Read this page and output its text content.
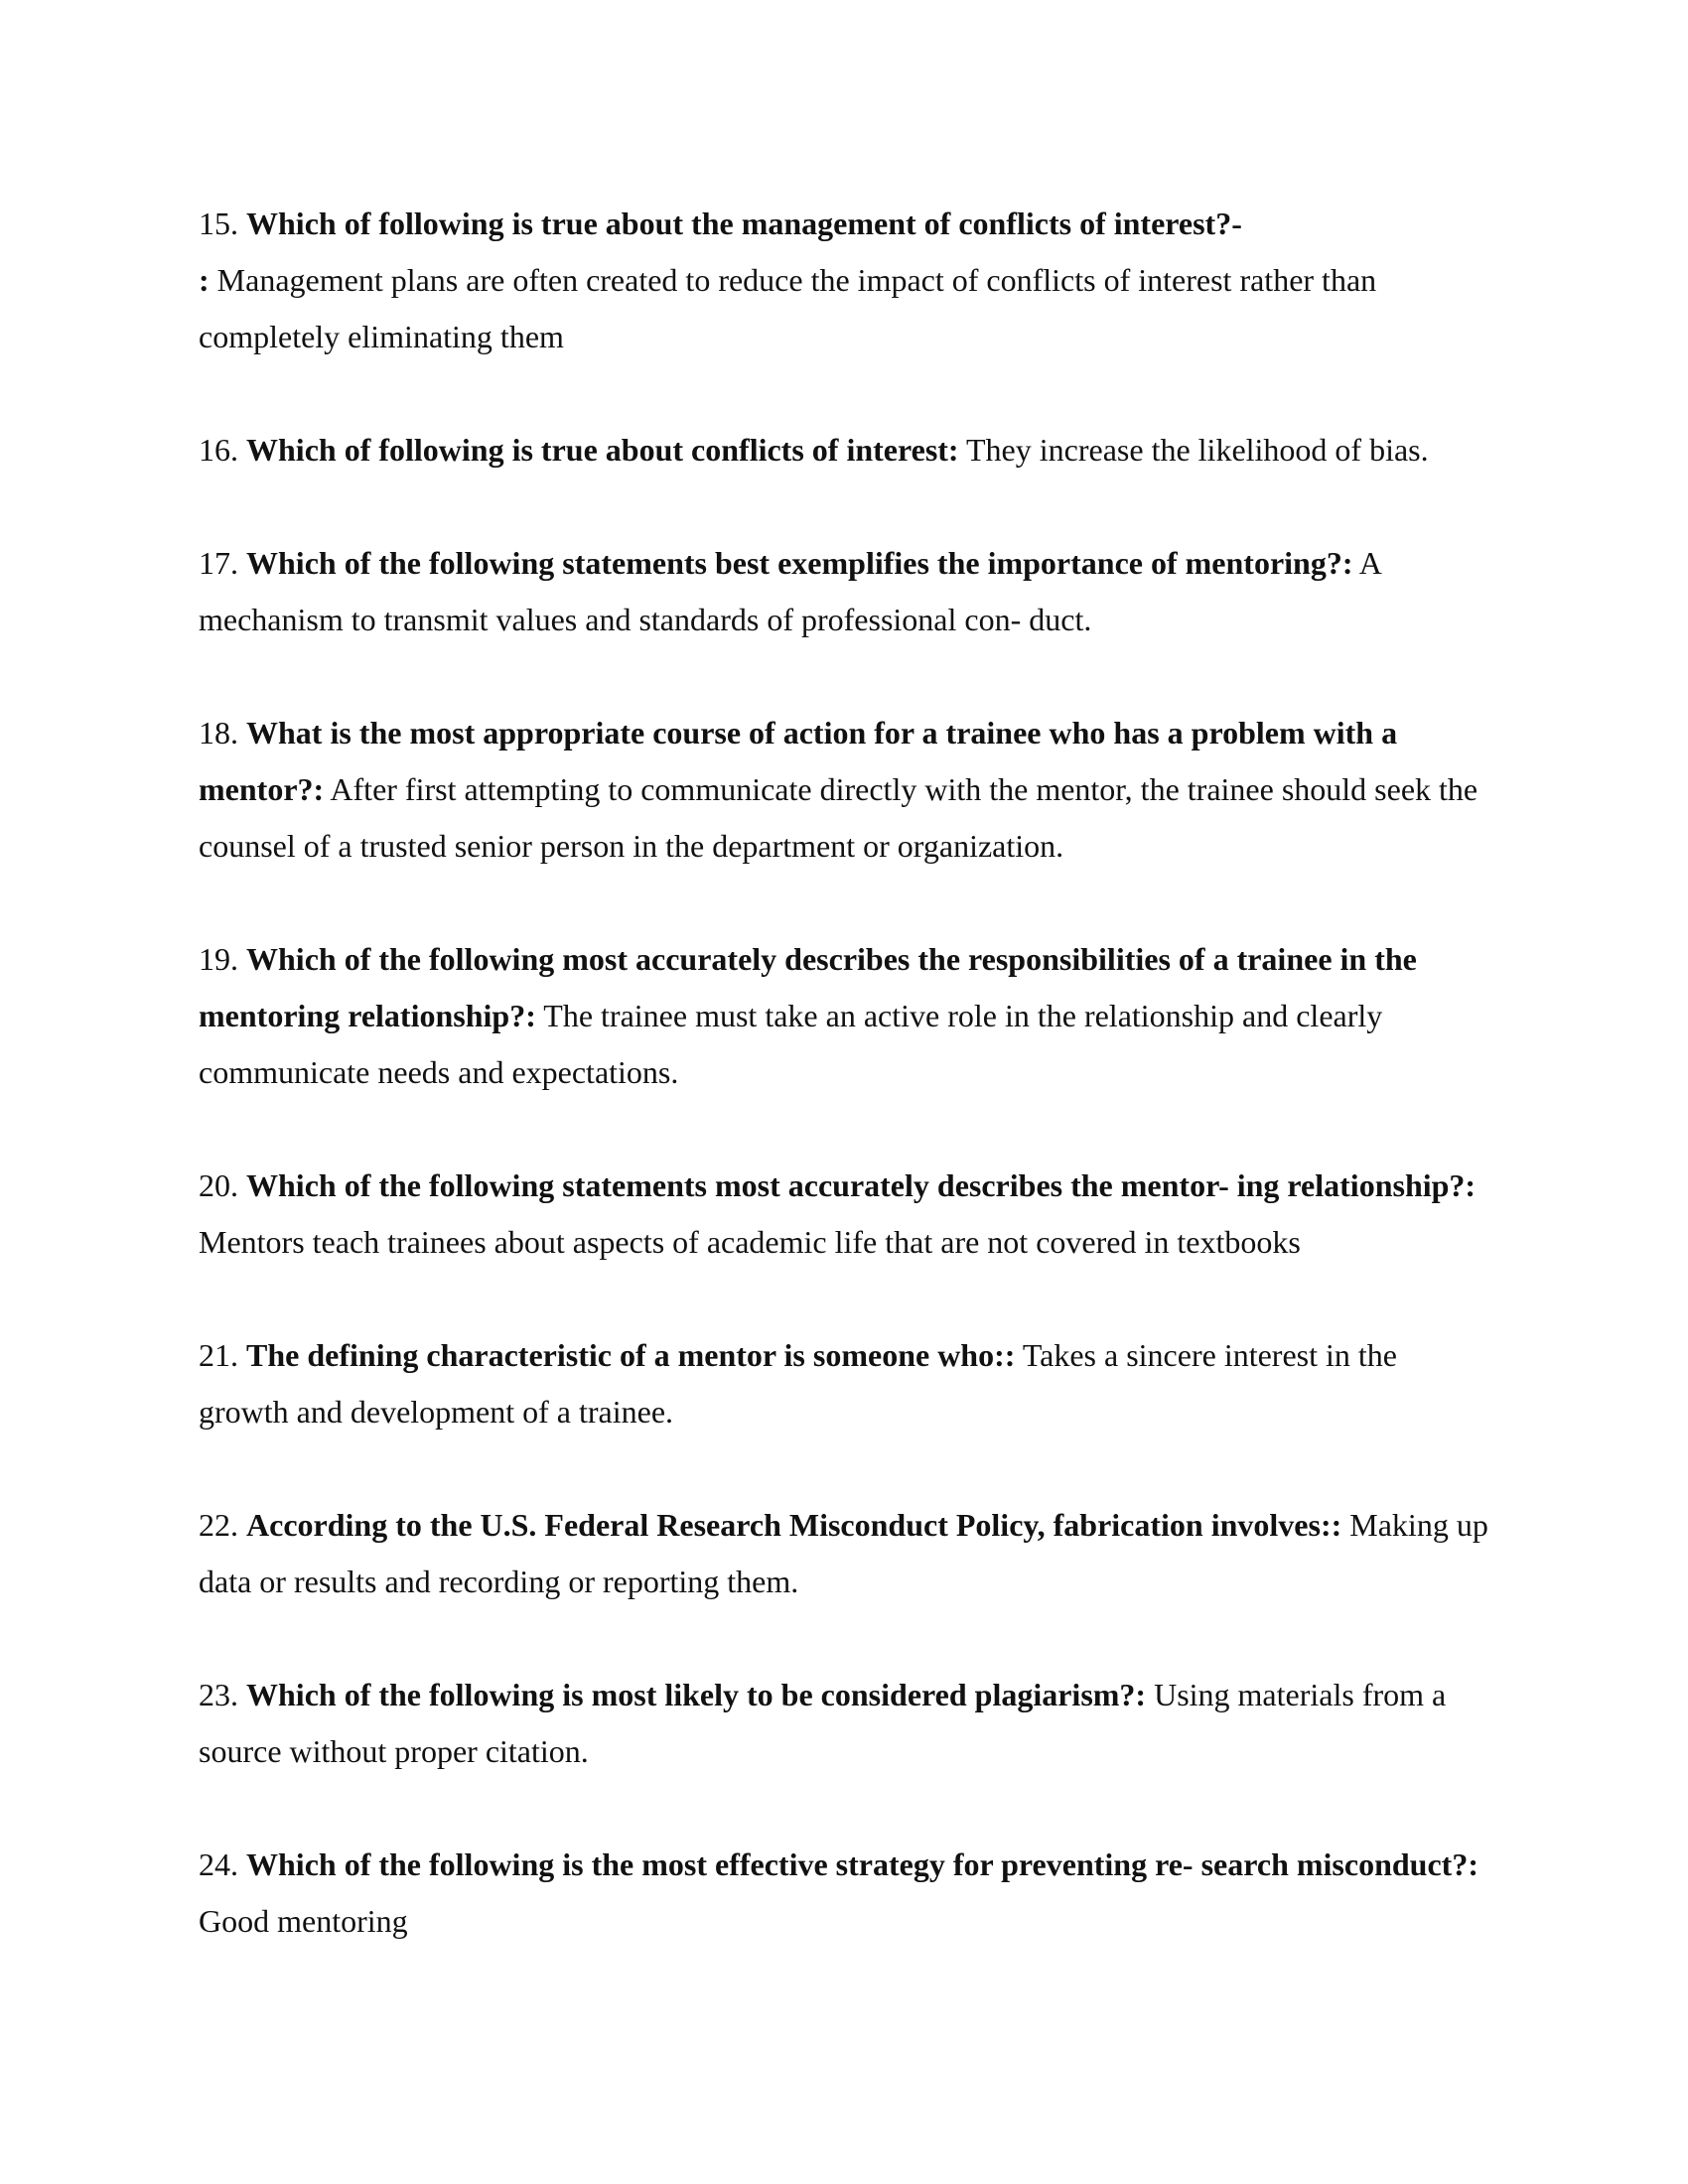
15. Which of following is true about the management of conflicts of interest?-
: Management plans are often created to reduce the impact of conflicts of interest rather than completely eliminating them

16. Which of following is true about conflicts of interest: They increase the likelihood of bias.

17. Which of the following statements best exemplifies the importance of mentoring?: A mechanism to transmit values and standards of professional con- duct.

18. What is the most appropriate course of action for a trainee who has a problem with a mentor?: After first attempting to communicate directly with the mentor, the trainee should seek the counsel of a trusted senior person in the department or organization.

19. Which of the following most accurately describes the responsibilities of a trainee in the mentoring relationship?: The trainee must take an active role in the relationship and clearly communicate needs and expectations.

20. Which of the following statements most accurately describes the mentor- ing relationship?: Mentors teach trainees about aspects of academic life that are not covered in textbooks

21. The defining characteristic of a mentor is someone who:: Takes a sincere interest in the growth and development of a trainee.

22. According to the U.S. Federal Research Misconduct Policy, fabrication involves:: Making up data or results and recording or reporting them.

23. Which of the following is most likely to be considered plagiarism?: Using materials from a source without proper citation.

24. Which of the following is the most effective strategy for preventing re- search misconduct?: Good mentoring
